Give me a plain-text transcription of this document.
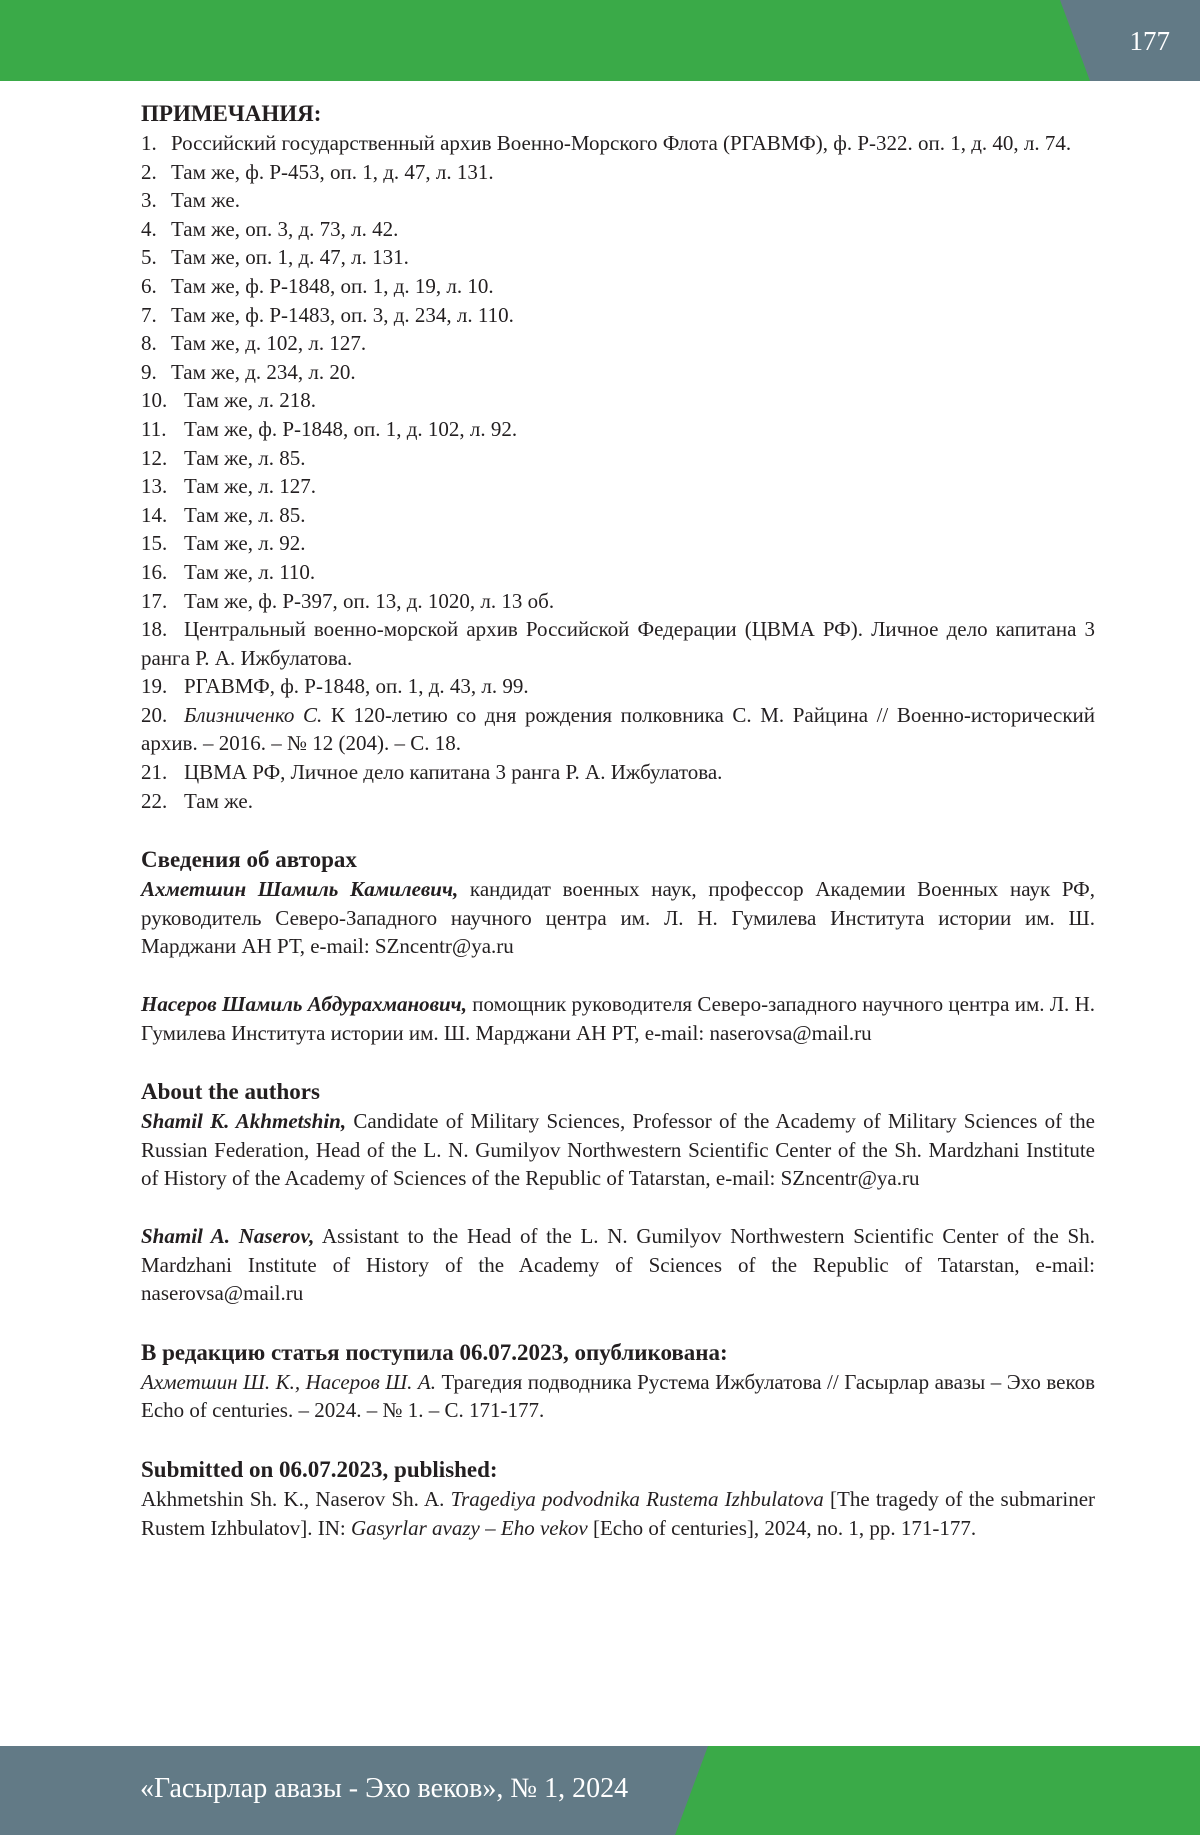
177
ПРИМЕЧАНИЯ:
1. Российский государственный архив Военно-Морского Флота (РГАВМФ), ф. Р-322. оп. 1, д. 40, л. 74.
2. Там же, ф. Р-453, оп. 1, д. 47, л. 131.
3. Там же.
4. Там же, оп. 3, д. 73, л. 42.
5. Там же, оп. 1, д. 47, л. 131.
6. Там же, ф. Р-1848, оп. 1, д. 19, л. 10.
7. Там же, ф. Р-1483, оп. 3, д. 234, л. 110.
8. Там же, д. 102, л. 127.
9. Там же, д. 234, л. 20.
10. Там же, л. 218.
11. Там же, ф. Р-1848, оп. 1, д. 102, л. 92.
12. Там же, л. 85.
13. Там же, л. 127.
14. Там же, л. 85.
15. Там же, л. 92.
16. Там же, л. 110.
17. Там же, ф. Р-397, оп. 13, д. 1020, л. 13 об.
18. Центральный военно-морской архив Российской Федерации (ЦВМА РФ). Личное дело капитана 3 ранга Р. А. Ижбулатова.
19. РГАВМФ, ф. Р-1848, оп. 1, д. 43, л. 99.
20. Близниченко С. К 120-летию со дня рождения полковника С. М. Райцина // Военно-исторический архив. – 2016. – № 12 (204). – С. 18.
21. ЦВМА РФ, Личное дело капитана 3 ранга Р. А. Ижбулатова.
22. Там же.
Сведения об авторах

Ахметшин Шамиль Камилевич, кандидат военных наук, профессор Академии Военных наук РФ, руководитель Северо-Западного научного центра им. Л. Н. Гумилева Института истории им. Ш. Марджани АН РТ, e-mail: SZncentr@ya.ru

Насеров Шамиль Абдурахманович, помощник руководителя Северо-западного научного центра им. Л. Н. Гумилева Института истории им. Ш. Марджани АН РТ, e-mail: naserovsa@mail.ru

About the authors

Shamil K. Akhmetshin, Candidate of Military Sciences, Professor of the Academy of Military Sciences of the Russian Federation, Head of the L. N. Gumilyov Northwestern Scientific Center of the Sh. Mardzhani Institute of History of the Academy of Sciences of the Republic of Tatarstan, e-mail: SZncentr@ya.ru

Shamil A. Naserov, Assistant to the Head of the L. N. Gumilyov Northwestern Scientific Center of the Sh. Mardzhani Institute of History of the Academy of Sciences of the Republic of Tatarstan, e-mail: naserovsa@mail.ru

В редакцию статья поступила 06.07.2023, опубликована:

Ахметшин Ш. К., Насеров Ш. А. Трагедия подводника Рустема Ижбулатова // Гасырлар авазы – Эхо веков Echo of centuries. – 2024. – № 1. – С. 171-177.

Submitted on 06.07.2023, published:

Akhmetshin Sh. K., Naserov Sh. A. Tragediya podvodnika Rustema Izhbulatova [The tragedy of the submariner Rustem Izhbulatov]. IN: Gasyrlar avazy – Eho vekov [Echo of centuries], 2024, no. 1, pp. 171-177.

«Гасырлар авазы - Эхо веков», № 1, 2024
